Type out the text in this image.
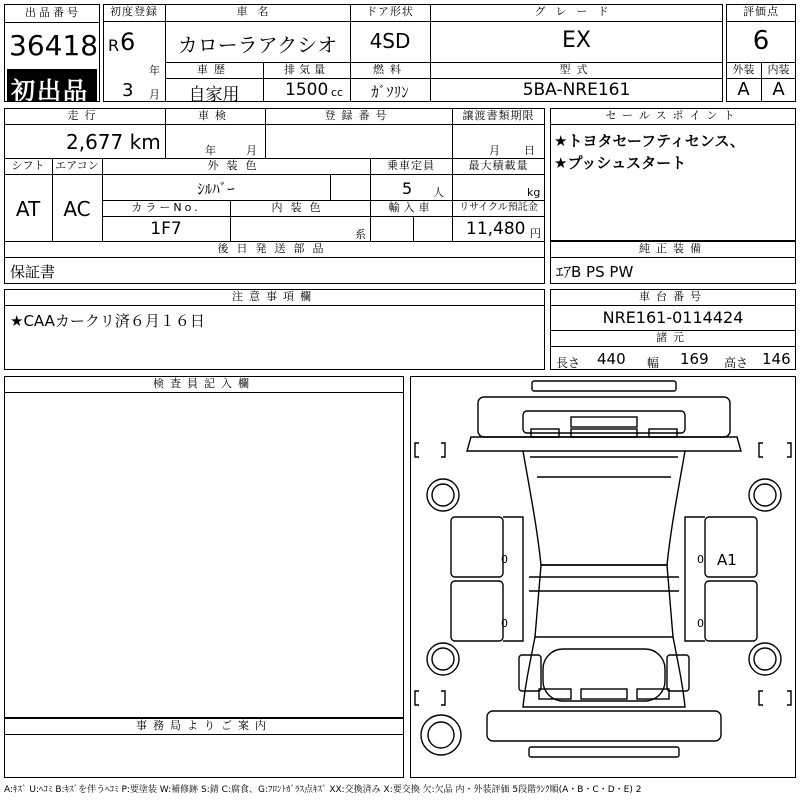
出品番号
36418
初出品
初度登録
R 6
年
3 月
車名
カローラアクシオ
ドア形状
4SD
グレード
EX
車歴
自家用
排気量
1500 cc
燃料
ｶﾞｿﾘﾝ
型式
5BA-NRE161
評価点
6
外装	内装
A	A
走行
2,677 km
車検
年	月
登録番号	譲渡書類期限
月 日
シフト
AT
エアコン
AC
外装色
ｼﾙﾊﾞｰ
乗車定員
5 人
最大積載量
kg
カラーNo.
1F7
内装色
系
輸入車	リサイクル預託金
11,480 円
後日発送部品
保証書
セールスポイント
★トヨタセーフティセンス、
★プッシュスタート
純正装備
ｴｱB PS PW
注意事項欄
★CAAカークリ済６月１６日
車台番号
NRE161-0114424
諸元
長さ 440 幅 169 高さ 146
検査員記入欄
事務局よりご案内
A1
0
0
0
0
A:ｷｽﾞ U:ﾍｺﾐ B:ｷｽﾞを伴うﾍｺﾐ P:要塗装 W:補修跡 S:錆 C:腐食、G:ﾌﾛﾝﾄｶﾞﾗｽ点ｷｽﾞ XX:交換済み X:要交換 欠:欠品 内・外装評価 5段階ﾗﾝｸ順(A・B・C・D・E) 2
